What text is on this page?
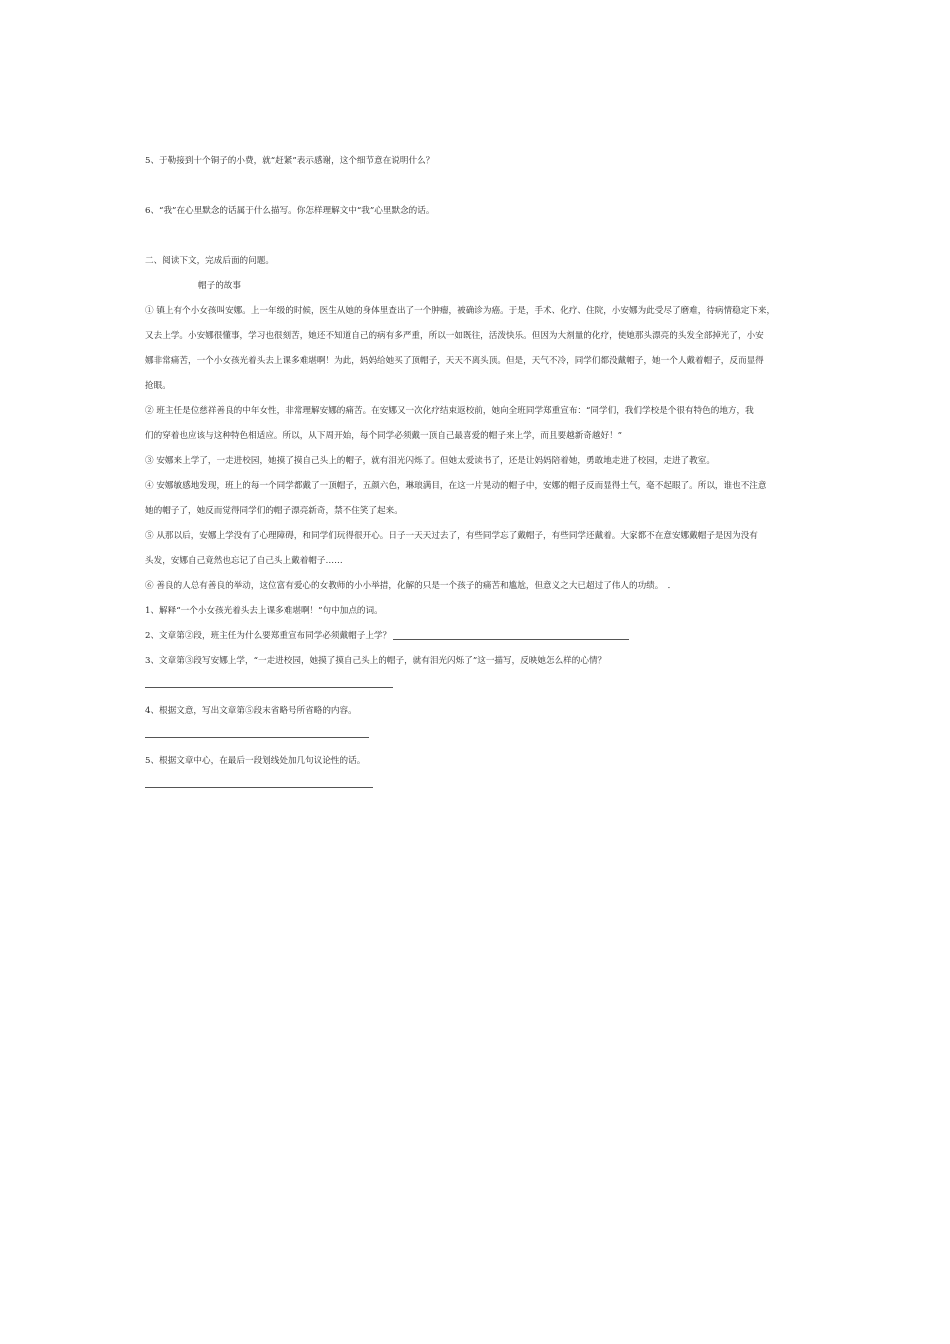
5、于勒接到十个铜子的小费，就“赶紧”表示感谢，这个细节意在说明什么？
6、“我”在心里默念的话属于什么描写。你怎样理解文中“我”心里默念的话。
二、阅读下文，完成后面的问题。
帽子的故事
① 镇上有个小女孩叫安娜。上一年级的时候，医生从她的身体里查出了一个肿瘤，被确诊为癌。于是，手术、化疗、住院，小安娜为此受尽了磨难，待病情稳定下来，
又去上学。小安娜很懂事，学习也很刻苦，她还不知道自己的病有多严重，所以一如既往，活泼快乐。但因为大剂量的化疗，使她那头漂亮的头发全部掉光了，小安
娜非常痛苦，一个小女孩光着头去上课多难堪啊！为此，妈妈给她买了顶帽子，天天不离头顶。但是，天气不冷，同学们都没戴帽子，她一个人戴着帽子，反而显得
抢眼。
② 班主任是位慈祥善良的中年女性，非常理解安娜的痛苦。在安娜又一次化疗结束返校前，她向全班同学郑重宣布：“同学们，我们学校是个很有特色的地方，我
们的穿着也应该与这种特色相适应。所以，从下周开始，每个同学必须戴一顶自己最喜爱的帽子来上学，而且要越新奇越好！”
③ 安娜来上学了，一走进校园，她摸了摸自己头上的帽子，就有泪光闪烁了。但她太爱读书了，还是让妈妈陪着她，勇敢地走进了校园，走进了教室。
④ 安娜敏感地发现，班上的每一个同学都戴了一顶帽子，五颜六色，琳琅满目，在这一片晃动的帽子中，安娜的帽子反而显得土气，毫不起眼了。所以，谁也不注意
她的帽子了，她反而觉得同学们的帽子漂亮新奇，禁不住笑了起来。
⑤ 从那以后，安娜上学没有了心理障碍，和同学们玩得很开心。日子一天天过去了，有些同学忘了戴帽子，有些同学还戴着。大家都不在意安娜戴帽子是因为没有
头发，安娜自己竟然也忘记了自己头上戴着帽子……
⑥ 善良的人总有善良的举动，这位富有爱心的女教师的小小举措，化解的只是一个孩子的痛苦和尴尬，但意义之大已超过了伟人的功绩。　．
1、解释“一个小女孩光着头去上课多难堪啊！”句中加点的词。
2、文章第②段，班主任为什么要郑重宣布同学必须戴帽子上学？
3、文章第③段写安娜上学，“一走进校园，她摸了摸自己头上的帽子，就有泪光闪烁了”这一描写，反映她怎么样的心情？
4、根据文意，写出文章第⑤段末省略号所省略的内容。
5、根据文章中心，在最后一段划线处加几句议论性的话。
